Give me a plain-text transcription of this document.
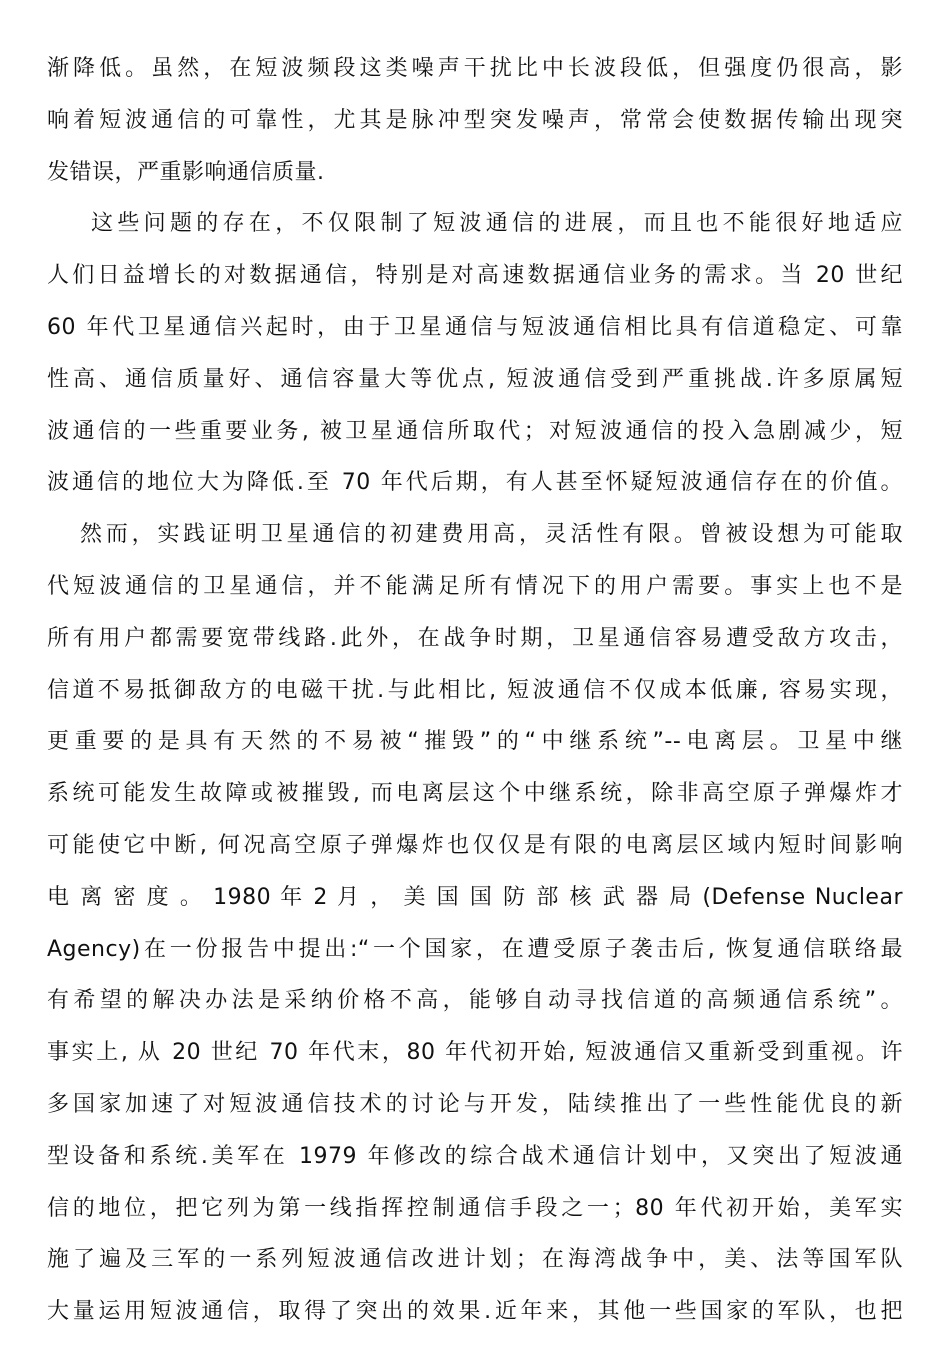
渐降低。虽然，在短波频段这类噪声干扰比中长波段低，但强度仍很高，影
响着短波通信的可靠性，尤其是脉冲型突发噪声，常常会使数据传输出现突
发错误，严重影响通信质量.
这些问题的存在，不仅限制了短波通信的进展，而且也不能很好地适应
人们日益增长的对数据通信，特别是对高速数据通信业务的需求。当 20 世纪
60 年代卫星通信兴起时，由于卫星通信与短波通信相比具有信道稳定、可靠
性高、通信质量好、通信容量大等优点, 短波通信受到严重挑战.许多原属短
波通信的一些重要业务, 被卫星通信所取代；对短波通信的投入急剧减少，短
波通信的地位大为降低.至 70 年代后期，有人甚至怀疑短波通信存在的价值。
然而，实践证明卫星通信的初建费用高，灵活性有限。曾被设想为可能取
代短波通信的卫星通信，并不能满足所有情况下的用户需要。事实上也不是
所有用户都需要宽带线路.此外，在战争时期，卫星通信容易遭受敌方攻击，
信道不易抵御敌方的电磁干扰.与此相比, 短波通信不仅成本低廉, 容易实现，
更重要的是具有天然的不易被“摧毁”的“中继系统”--电离层。卫星中继
系统可能发生故障或被摧毁, 而电离层这个中继系统，除非高空原子弹爆炸才
可能使它中断, 何况高空原子弹爆炸也仅仅是有限的电离层区域内短时间影响
电 离 密 度 。 1980 年 2 月 ， 美 国 国 防 部 核 武 器 局 (Defense Nuclear
Agency)在一份报告中提出:“一个国家，在遭受原子袭击后, 恢复通信联络最
有希望的解决办法是采纳价格不高，能够自动寻找信道的高频通信系统”。
事实上, 从 20 世纪 70 年代末，80 年代初开始, 短波通信又重新受到重视。许
多国家加速了对短波通信技术的讨论与开发，陆续推出了一些性能优良的新
型设备和系统.美军在 1979 年修改的综合战术通信计划中，又突出了短波通
信的地位，把它列为第一线指挥控制通信手段之一；80 年代初开始，美军实
施了遍及三军的一系列短波通信改进计划；在海湾战争中，美、法等国军队
大量运用短波通信，取得了突出的效果.近年来，其他一些国家的军队，也把
